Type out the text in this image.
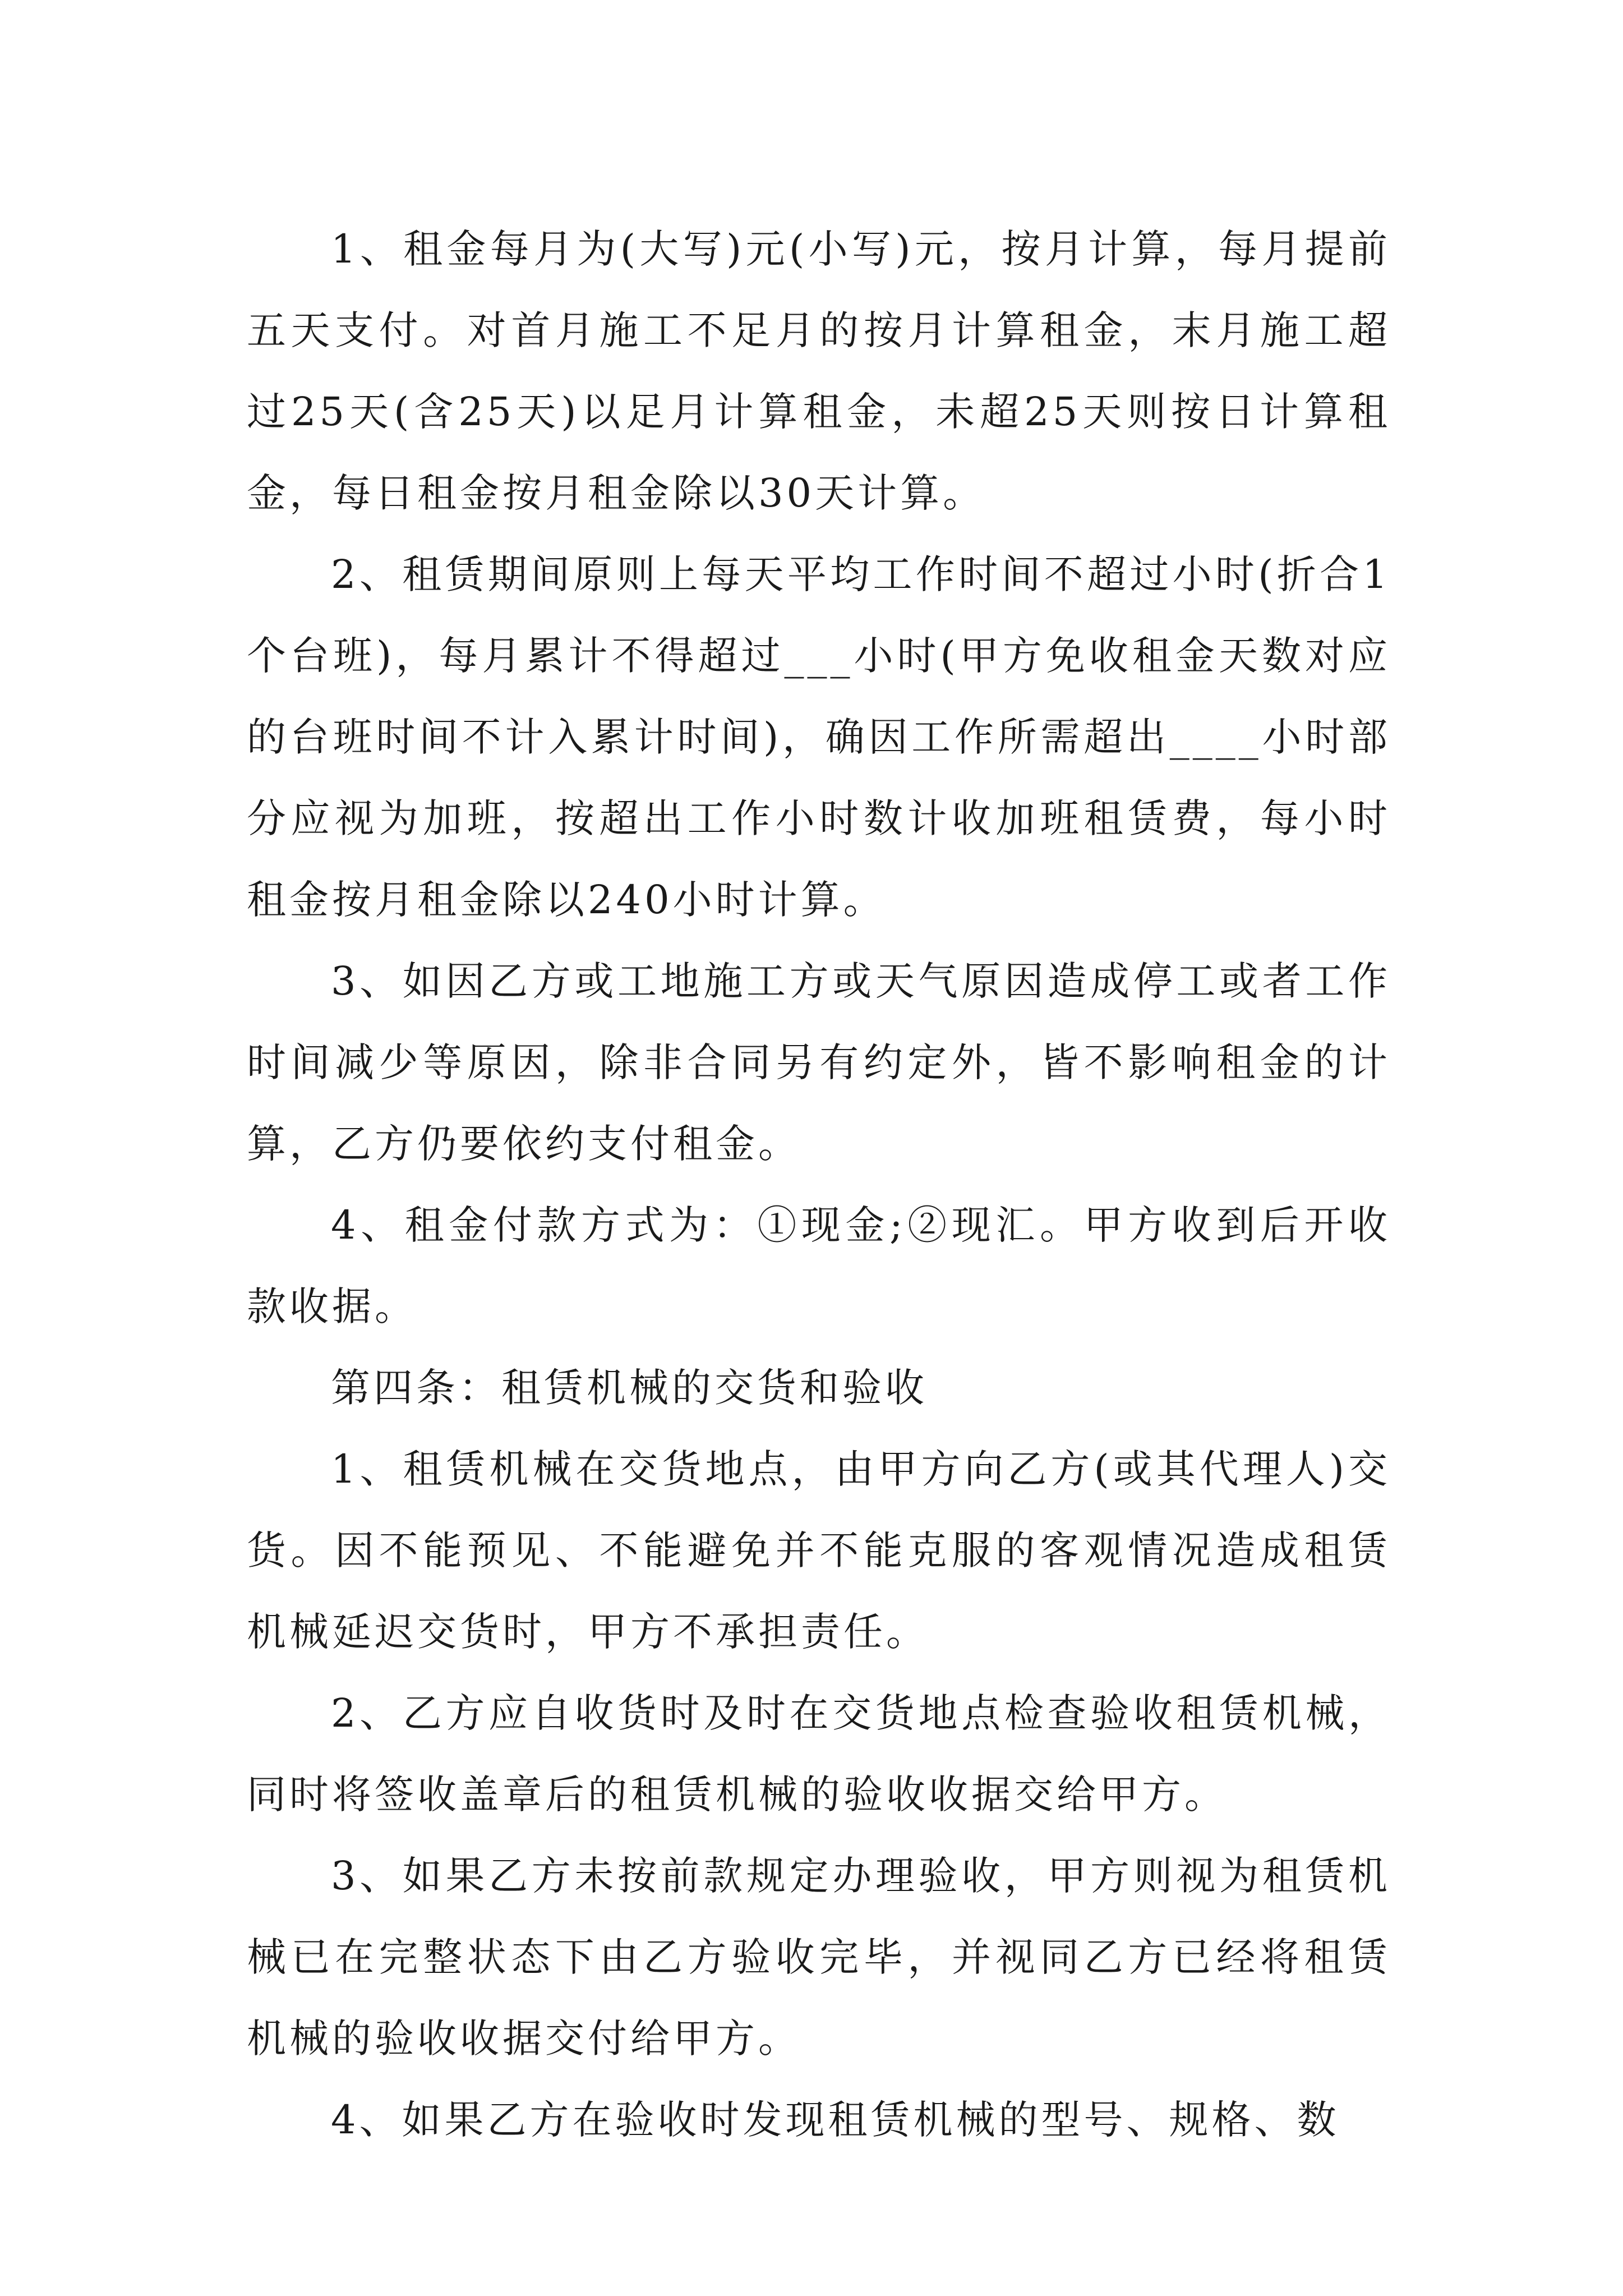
1、租金每月为(大写)元(小写)元，按月计算，每月提前五天支付。对首月施工不足月的按月计算租金，末月施工超过25天(含25天)以足月计算租金，未超25天则按日计算租金，每日租金按月租金除以30天计算。

2、租赁期间原则上每天平均工作时间不超过小时(折合1个台班)，每月累计不得超过___小时(甲方免收租金天数对应的台班时间不计入累计时间)，确因工作所需超出____小时部分应视为加班，按超出工作小时数计收加班租赁费，每小时租金按月租金除以240小时计算。

3、如因乙方或工地施工方或天气原因造成停工或者工作时间减少等原因，除非合同另有约定外，皆不影响租金的计算，乙方仍要依约支付租金。

4、租金付款方式为：①现金;②现汇。甲方收到后开收款收据。

第四条：租赁机械的交货和验收

1、租赁机械在交货地点，由甲方向乙方(或其代理人)交货。因不能预见、不能避免并不能克服的客观情况造成租赁机械延迟交货时，甲方不承担责任。

2、乙方应自收货时及时在交货地点检查验收租赁机械，同时将签收盖章后的租赁机械的验收收据交给甲方。

3、如果乙方未按前款规定办理验收，甲方则视为租赁机械已在完整状态下由乙方验收完毕，并视同乙方已经将租赁机械的验收收据交付给甲方。

4、如果乙方在验收时发现租赁机械的型号、规格、数
